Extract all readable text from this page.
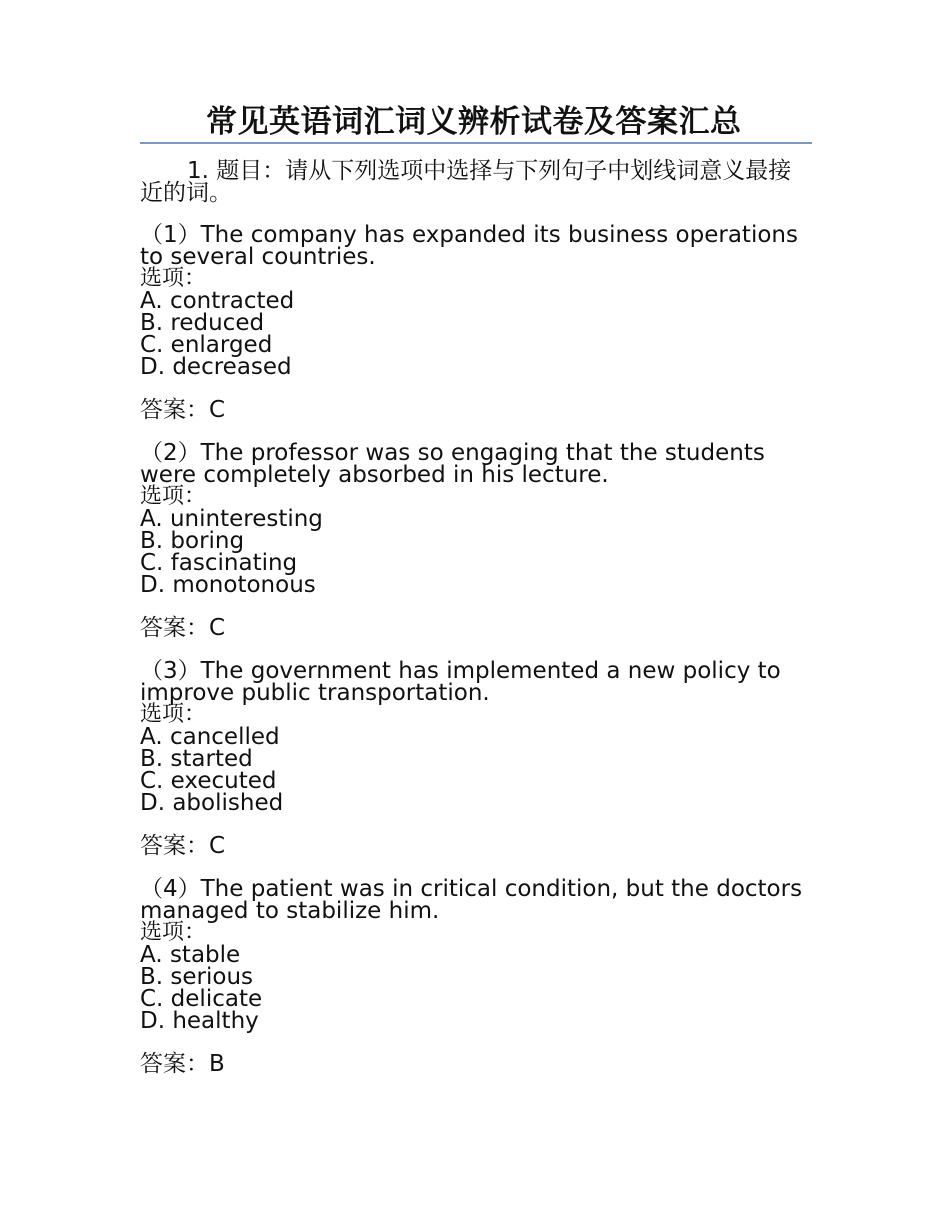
常见英语词汇词义辨析试卷及答案汇总
1. 题目：请从下列选项中选择与下列句子中划线词意义最接近的词。
（1）The company has expanded its business operations to several countries.
选项：
A. contracted
B. reduced
C. enlarged
D. decreased
答案：C
（2）The professor was so engaging that the students were completely absorbed in his lecture.
选项：
A. uninteresting
B. boring
C. fascinating
D. monotonous
答案：C
（3）The government has implemented a new policy to improve public transportation.
选项：
A. cancelled
B. started
C. executed
D. abolished
答案：C
（4）The patient was in critical condition, but the doctors managed to stabilize him.
选项：
A. stable
B. serious
C. delicate
D. healthy
答案：B
